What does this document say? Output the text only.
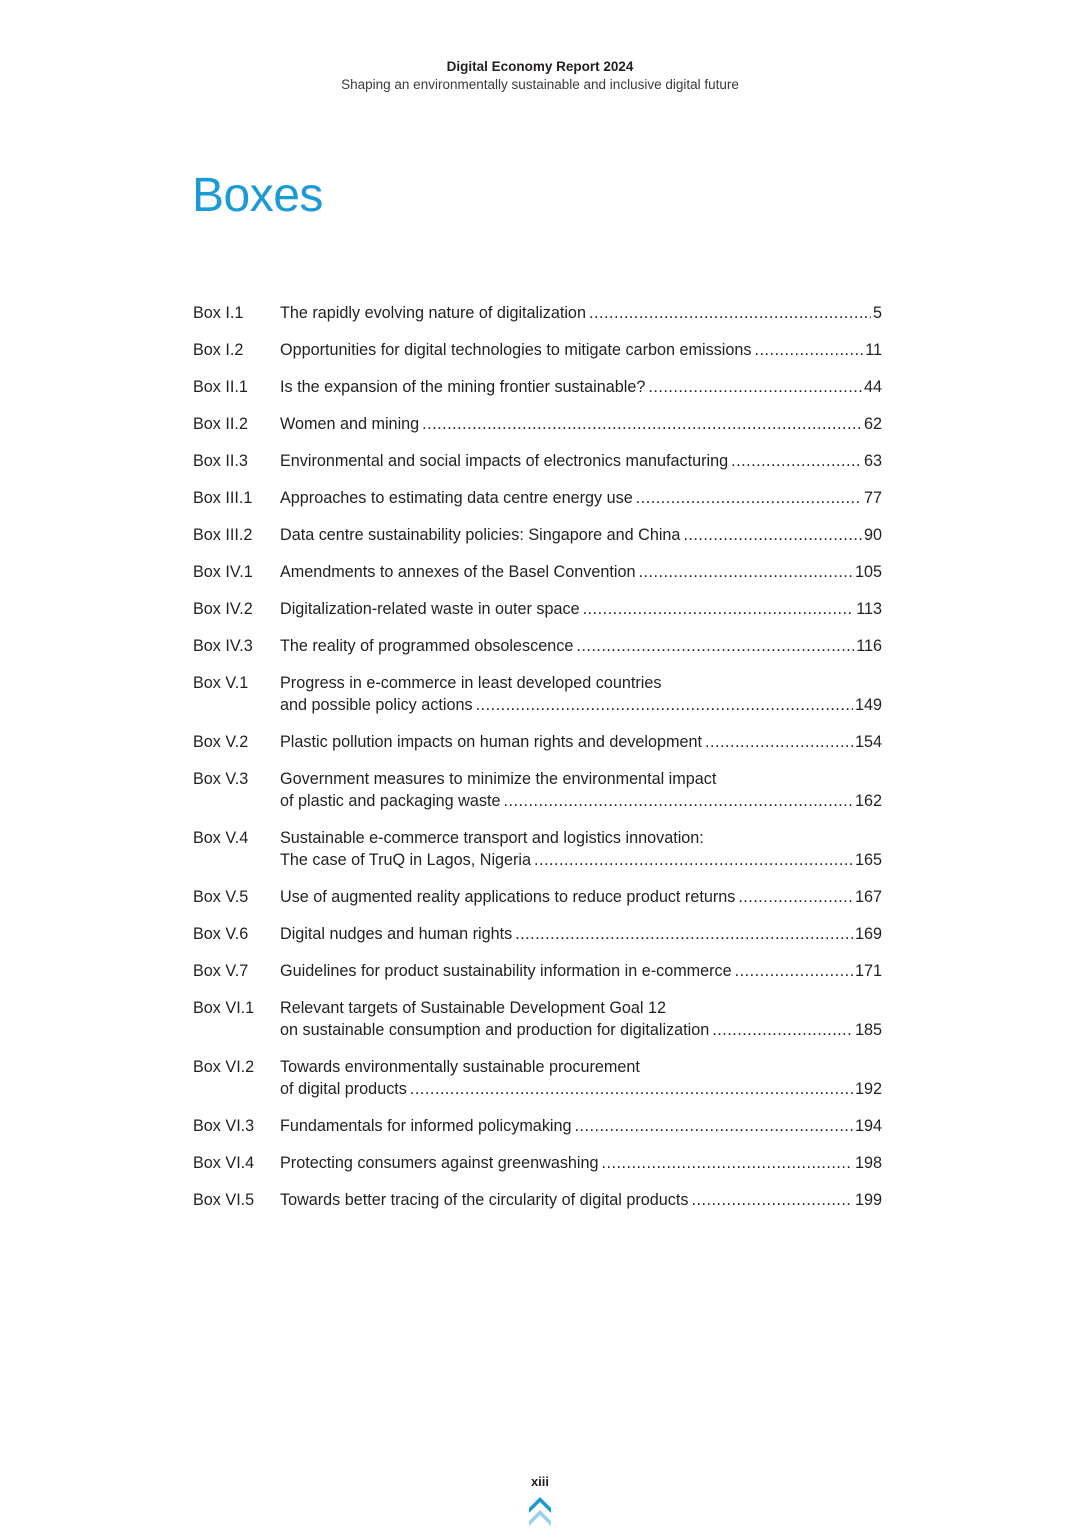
Digital Economy Report 2024
Shaping an environmentally sustainable and inclusive digital future
Boxes
Box I.1	The rapidly evolving nature of digitalization .....	5
Box I.2	Opportunities for digital technologies to mitigate carbon emissions .....	11
Box II.1	Is the expansion of the mining frontier sustainable? .....	44
Box II.2	Women and mining .....	62
Box II.3	Environmental and social impacts of electronics manufacturing .....	63
Box III.1	Approaches to estimating data centre energy use .....	77
Box III.2	Data centre sustainability policies: Singapore and China .....	90
Box IV.1	Amendments to annexes of the Basel Convention .....	105
Box IV.2	Digitalization-related waste in outer space .....	113
Box IV.3	The reality of programmed obsolescence .....	116
Box V.1	Progress in e-commerce in least developed countries
and possible policy actions .....	149
Box V.2	Plastic pollution impacts on human rights and development .....	154
Box V.3	Government measures to minimize the environmental impact
of plastic and packaging waste .....	162
Box V.4	Sustainable e-commerce transport and logistics innovation:
The case of TruQ in Lagos, Nigeria .....	165
Box V.5	Use of augmented reality applications to reduce product returns .....	167
Box V.6	Digital nudges and human rights .....	169
Box V.7	Guidelines for product sustainability information in e-commerce .....	171
Box VI.1	Relevant targets of Sustainable Development Goal 12
on sustainable consumption and production for digitalization .....	185
Box VI.2	Towards environmentally sustainable procurement
of digital products .....	192
Box VI.3	Fundamentals for informed policymaking .....	194
Box VI.4	Protecting consumers against greenwashing .....	198
Box VI.5	Towards better tracing of the circularity of digital products .....	199
xiii
